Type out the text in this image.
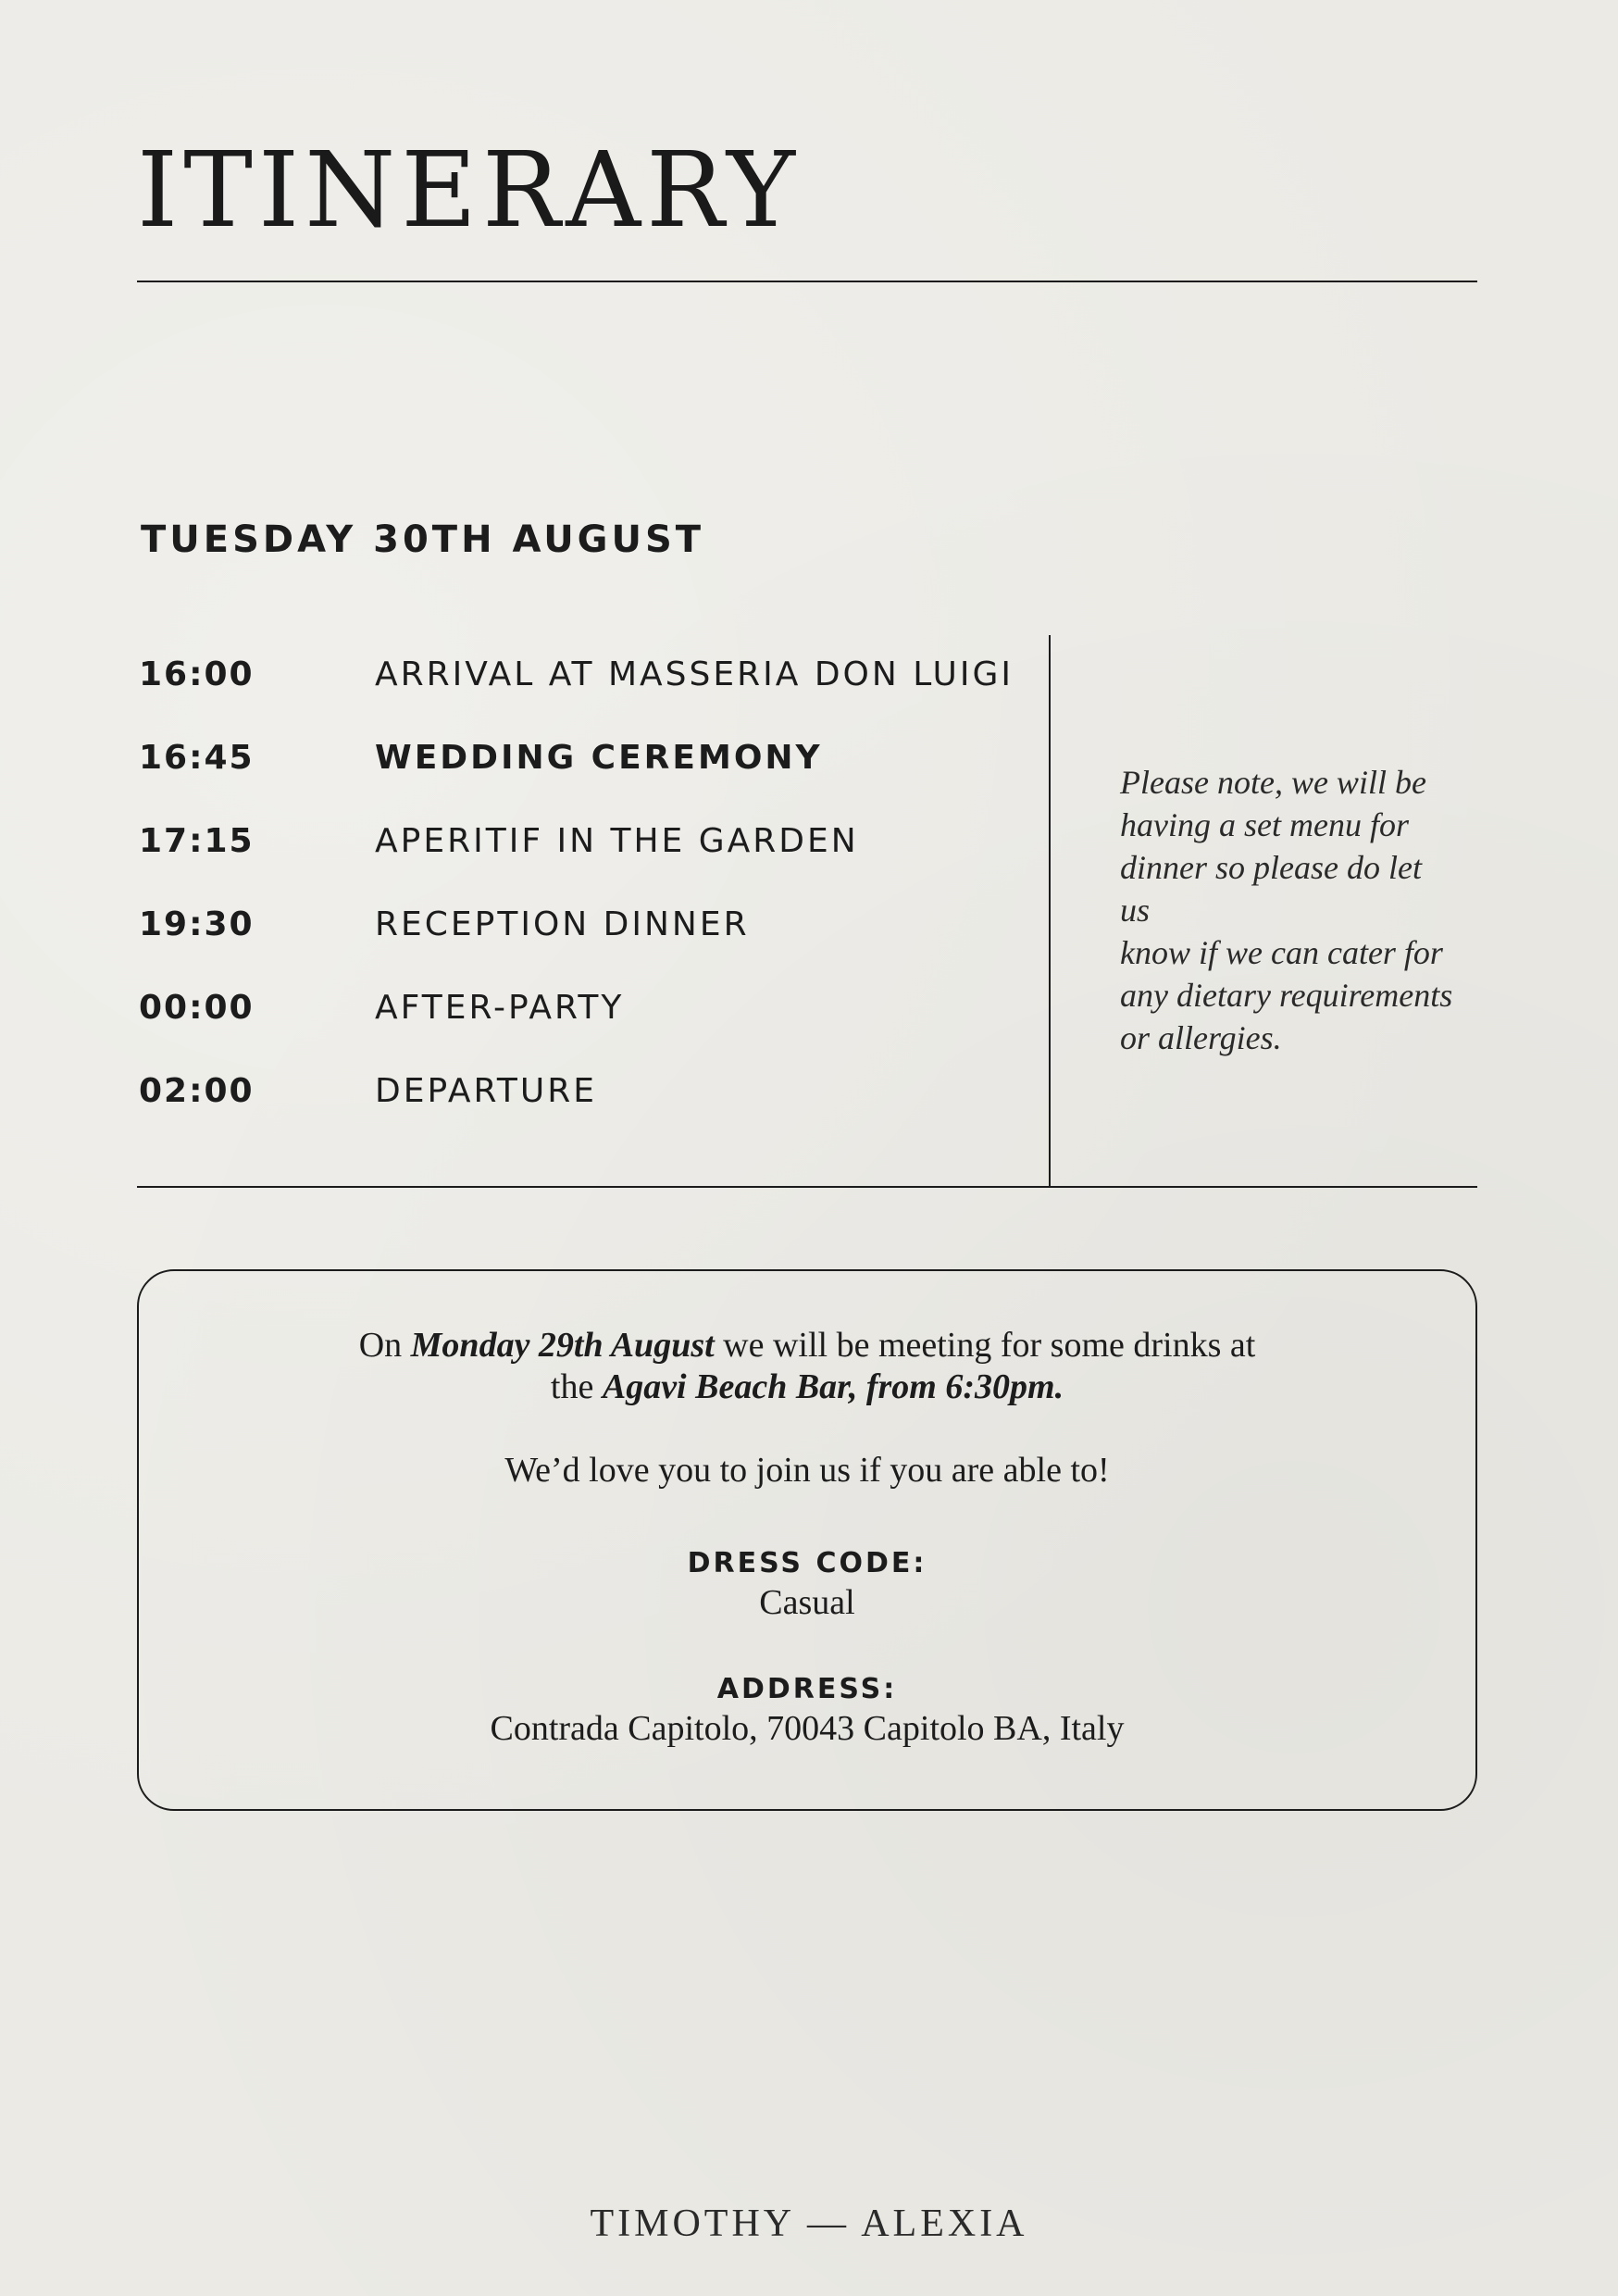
ITINERARY
TUESDAY 30TH AUGUST
16:00	ARRIVAL AT MASSERIA DON LUIGI
16:45	WEDDING CEREMONY
17:15	APERITIF IN THE GARDEN
19:30	RECEPTION DINNER
00:00	AFTER-PARTY
02:00	DEPARTURE
Please note, we will be
having a set menu for
dinner so please do let us
know if we can cater for
any dietary requirements
or allergies.
On Monday 29th August we will be meeting for some drinks at
the Agavi Beach Bar, from 6:30pm.
We’d love you to join us if you are able to!
DRESS CODE:
Casual
ADDRESS:
Contrada Capitolo, 70043 Capitolo BA, Italy
TIMOTHY — ALEXIA
